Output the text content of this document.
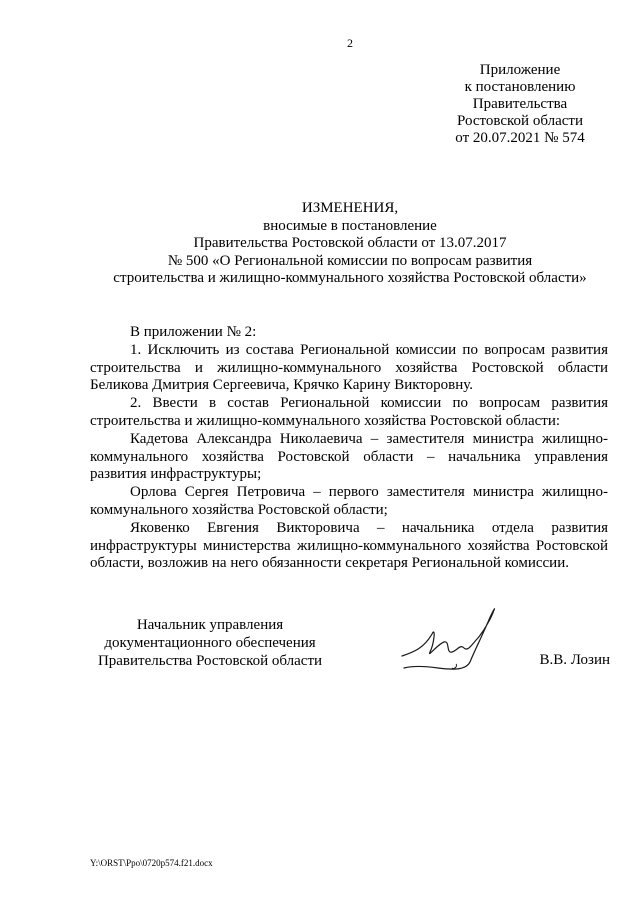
2
Приложение
к постановлению
Правительства
Ростовской области
от 20.07.2021 № 574
ИЗМЕНЕНИЯ,
вносимые в постановление
Правительства Ростовской области от 13.07.2017
№ 500 «О Региональной комиссии по вопросам развития
строительства и жилищно-коммунального хозяйства Ростовской области»

В приложении № 2:

1. Исключить из состава Региональной комиссии по вопросам развития строительства и жилищно-коммунального хозяйства Ростовской области Беликова Дмитрия Сергеевича, Крячко Карину Викторовну.

2. Ввести в состав Региональной комиссии по вопросам развития строительства и жилищно-коммунального хозяйства Ростовской области:

Кадетова Александра Николаевича – заместителя министра жилищно-коммунального хозяйства Ростовской области – начальника управления развития инфраструктуры;

Орлова Сергея Петровича – первого заместителя министра жилищно-коммунального хозяйства Ростовской области;

Яковенко Евгения Викторовича – начальника отдела развития инфраструктуры министерства жилищно-коммунального хозяйства Ростовской области, возложив на него обязанности секретаря Региональной комиссии.

Начальник управления
документационного обеспечения
Правительства Ростовской области	В.В. Лозин
Y:\ORST\Ppo\0720p574.f21.docx
